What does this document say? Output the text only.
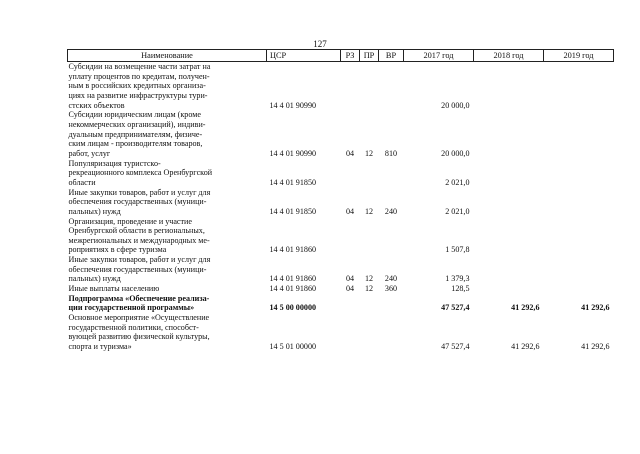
127
Наименование	ЦСР	РЗ	ПР	ВР	2017 год	2018 год	2019 год
Субсидии на возмещение части затрат на
уплату процентов по кредитам, получен-
ным в российских кредитных организа-
циях на развитие инфраструктуры тури-
стских объектов	14 4 01 90990				20 000,0		
Субсидии юридическим лицам (кроме
некоммерческих организаций), индиви-
дуальным предпринимателям, физиче-
ским лицам - производителям товаров,
работ, услуг	14 4 01 90990	04	12	810	20 000,0		
Популяризация туристско-
рекреационного комплекса Оренбургской
области	14 4 01 91850				2 021,0		
Иные закупки товаров, работ и услуг для
обеспечения государственных (муници-
пальных) нужд	14 4 01 91850	04	12	240	2 021,0		
Организация, проведение и участие
Оренбургской области в региональных,
межрегиональных и международных ме-
роприятиях в сфере туризма	14 4 01 91860				1 507,8		
Иные закупки товаров, работ и услуг для
обеспечения государственных (муници-
пальных) нужд	14 4 01 91860	04	12	240	1 379,3		
Иные выплаты населению	14 4 01 91860	04	12	360	128,5		
Подпрограмма «Обеспечение реализа-
ции государственной программы»	14 5 00 00000				47 527,4	41 292,6	41 292,6
Основное мероприятие «Осуществление
государственной политики, способст-
вующей развитию физической культуры,
спорта и туризма»	14 5 01 00000				47 527,4	41 292,6	41 292,6
